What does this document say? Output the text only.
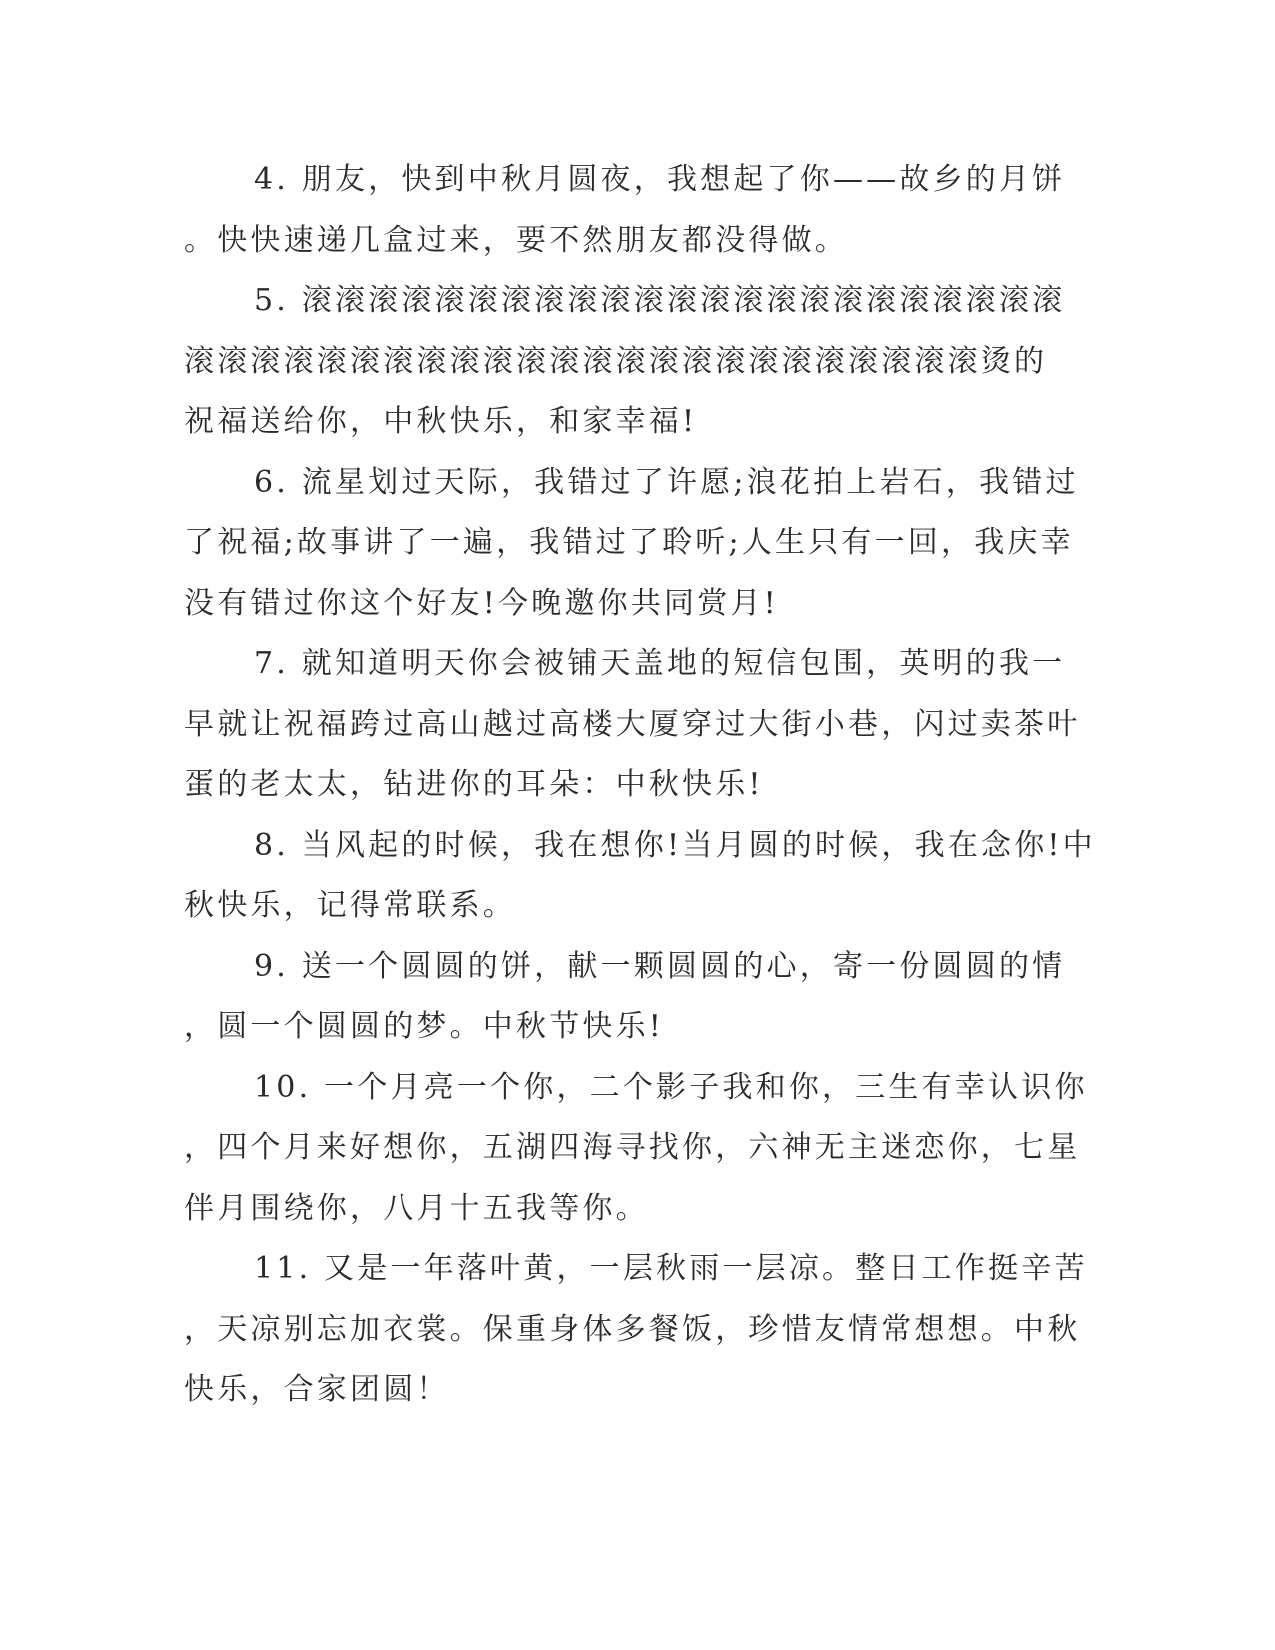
4. 朋友，快到中秋月圆夜，我想起了你——故乡的月饼
。快快速递几盒过来，要不然朋友都没得做。

5. 滚滚滚滚滚滚滚滚滚滚滚滚滚滚滚滚滚滚滚滚滚滚滚
滚滚滚滚滚滚滚滚滚滚滚滚滚滚滚滚滚滚滚滚滚滚滚滚烫的
祝福送给你，中秋快乐，和家幸福!

6. 流星划过天际，我错过了许愿;浪花拍上岩石，我错过
了祝福;故事讲了一遍，我错过了聆听;人生只有一回，我庆幸
没有错过你这个好友!今晚邀你共同赏月!

7. 就知道明天你会被铺天盖地的短信包围，英明的我一
早就让祝福跨过高山越过高楼大厦穿过大街小巷，闪过卖茶叶
蛋的老太太，钻进你的耳朵：中秋快乐!

8. 当风起的时候，我在想你!当月圆的时候，我在念你!中
秋快乐，记得常联系。

9. 送一个圆圆的饼，献一颗圆圆的心，寄一份圆圆的情
，圆一个圆圆的梦。中秋节快乐!

10. 一个月亮一个你，二个影子我和你，三生有幸认识你
，四个月来好想你，五湖四海寻找你，六神无主迷恋你，七星
伴月围绕你，八月十五我等你。

11. 又是一年落叶黄，一层秋雨一层凉。整日工作挺辛苦
，天凉别忘加衣裳。保重身体多餐饭，珍惜友情常想想。中秋
快乐，合家团圆！
